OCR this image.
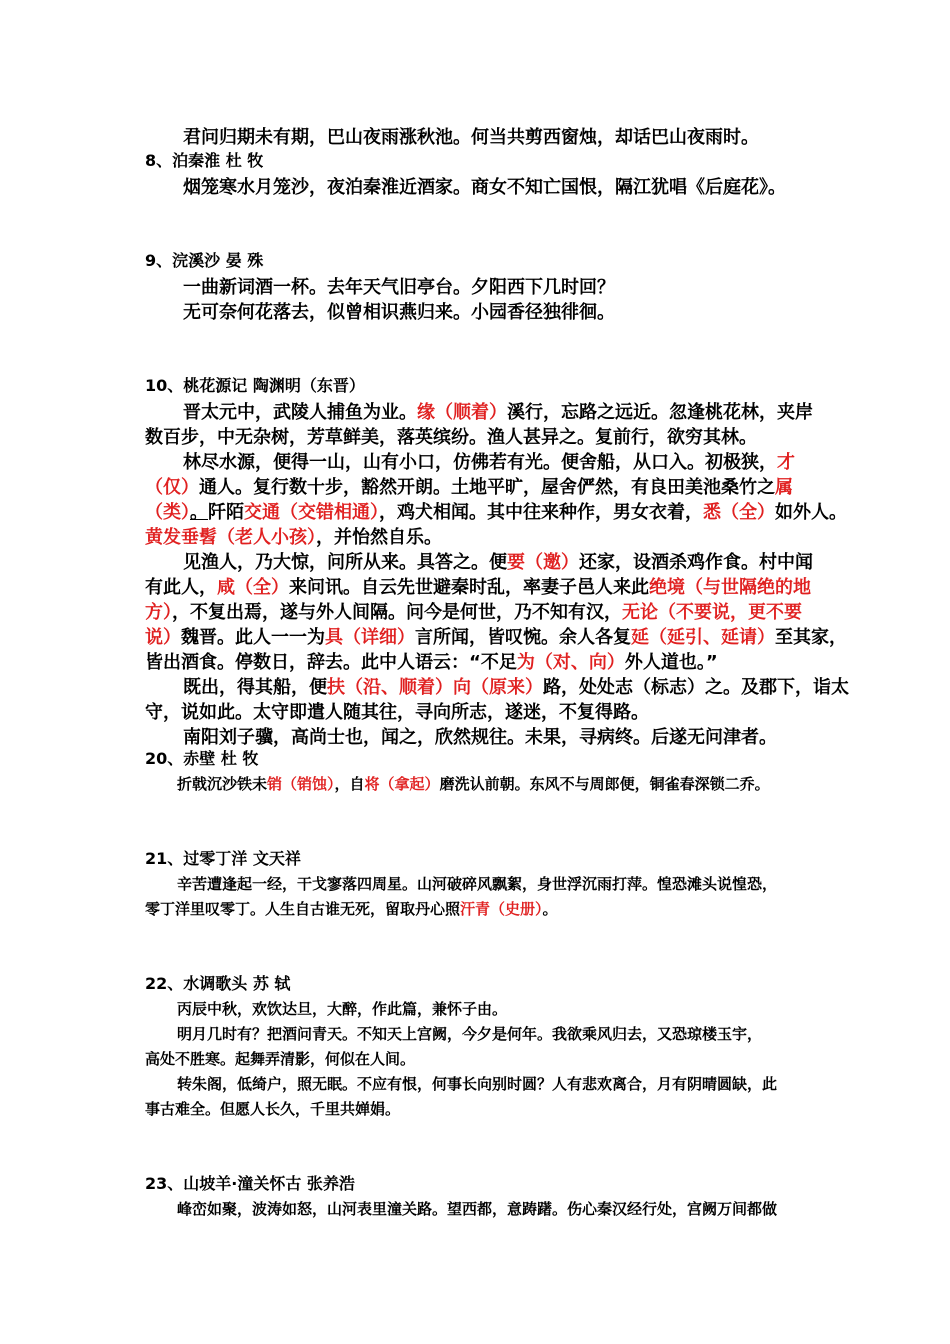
君问归期未有期，巴山夜雨涨秋池。何当共剪西窗烛，却话巴山夜雨时。
8、泊秦淮 杜 牧
烟笼寒水月笼沙，夜泊秦淮近酒家。商女不知亡国恨，隔江犹唱《后庭花》。
9、浣溪沙 晏 殊
一曲新词酒一杯。去年天气旧亭台。夕阳西下几时回？
无可奈何花落去，似曾相识燕归来。小园香径独徘徊。
10、桃花源记 陶渊明（东晋）
晋太元中，武陵人捕鱼为业。缘（顺着）溪行，忘路之远近。忽逢桃花林，夹岸
数百步，中无杂树，芳草鲜美，落英缤纷。渔人甚异之。复前行，欲穷其林。
林尽水源，便得一山，山有小口，仿佛若有光。便舍船，从口入。初极狭，才
（仅）通人。复行数十步，豁然开朗。土地平旷，屋舍俨然，有良田美池桑竹之属
（类）。阡陌交通（交错相通），鸡犬相闻。其中往来种作，男女衣着，悉（全）如外人。
黄发垂髫（老人小孩），并怡然自乐。
见渔人，乃大惊，问所从来。具答之。便要（邀）还家，设酒杀鸡作食。村中闻
有此人，咸（全）来问讯。自云先世避秦时乱，率妻子邑人来此绝境（与世隔绝的地
方），不复出焉，遂与外人间隔。问今是何世，乃不知有汉，无论（不要说，更不要
说）魏晋。此人一一为具（详细）言所闻，皆叹惋。余人各复延（延引、延请）至其家，
皆出酒食。停数日，辞去。此中人语云：“不足为（对、向）外人道也。”
既出，得其船，便扶（沿、顺着）向（原来）路，处处志（标志）之。及郡下，诣太
守，说如此。太守即遣人随其往，寻向所志，遂迷，不复得路。
南阳刘子骥，高尚士也，闻之，欣然规往。未果，寻病终。后遂无问津者。
20、赤壁 杜 牧
折戟沉沙铁未销（销蚀），自将（拿起）磨洗认前朝。东风不与周郎便，铜雀春深锁二乔。
21、过零丁洋 文天祥
辛苦遭逢起一经，干戈寥落四周星。山河破碎风飘絮，身世浮沉雨打萍。惶恐滩头说惶恐，
零丁洋里叹零丁。人生自古谁无死，留取丹心照汗青（史册）。
22、水调歌头 苏 轼
丙辰中秋，欢饮达旦，大醉，作此篇，兼怀子由。
明月几时有？把酒问青天。不知天上宫阙，今夕是何年。我欲乘风归去，又恐琼楼玉宇，
高处不胜寒。起舞弄清影，何似在人间。
转朱阁，低绮户，照无眠。不应有恨，何事长向别时圆？人有悲欢离合，月有阴晴圆缺，此
事古难全。但愿人长久，千里共婵娟。
23、山坡羊·潼关怀古 张养浩
峰峦如聚，波涛如怒，山河表里潼关路。望西都，意踌躇。伤心秦汉经行处，宫阙万间都做
